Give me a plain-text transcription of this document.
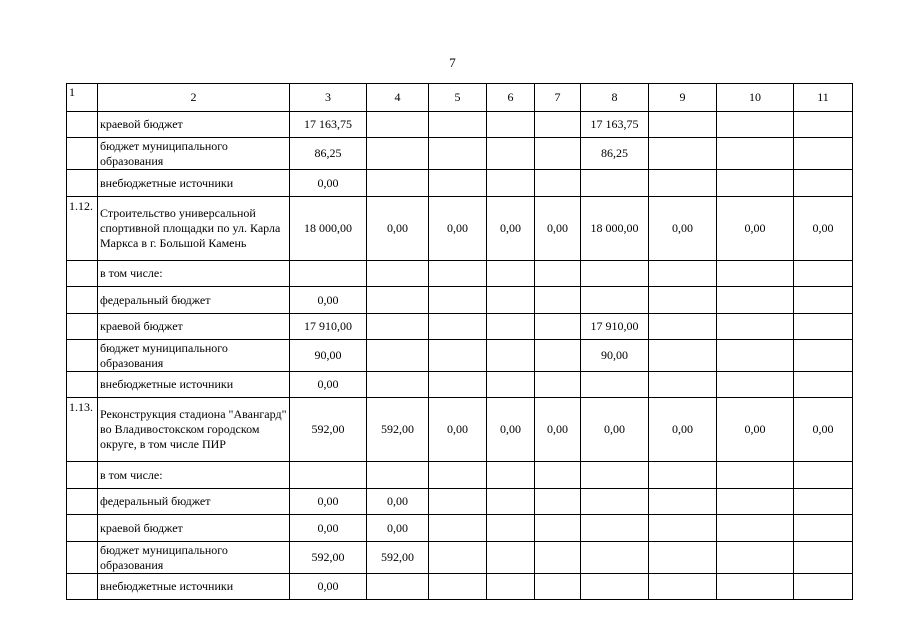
7
1	2	3	4	5	6	7	8	9	10	11
	краевой бюджет	17 163,75					17 163,75			
	бюджет муниципального образования	86,25					86,25			
	внебюджетные источники	0,00								
1.12.	Строительство универсальной спортивной площадки по ул. Карла Маркса в г. Большой Камень	18 000,00	0,00	0,00	0,00	0,00	18 000,00	0,00	0,00	0,00
	в том числе:									
	федеральный бюджет	0,00								
	краевой бюджет	17 910,00					17 910,00			
	бюджет муниципального образования	90,00					90,00			
	внебюджетные источники	0,00								
1.13.	Реконструкция стадиона "Авангард" во Владивостокском городском округе, в том числе ПИР	592,00	592,00	0,00	0,00	0,00	0,00	0,00	0,00	0,00
	в том числе:									
	федеральный бюджет	0,00	0,00							
	краевой бюджет	0,00	0,00							
	бюджет муниципального образования	592,00	592,00							
	внебюджетные источники	0,00								
